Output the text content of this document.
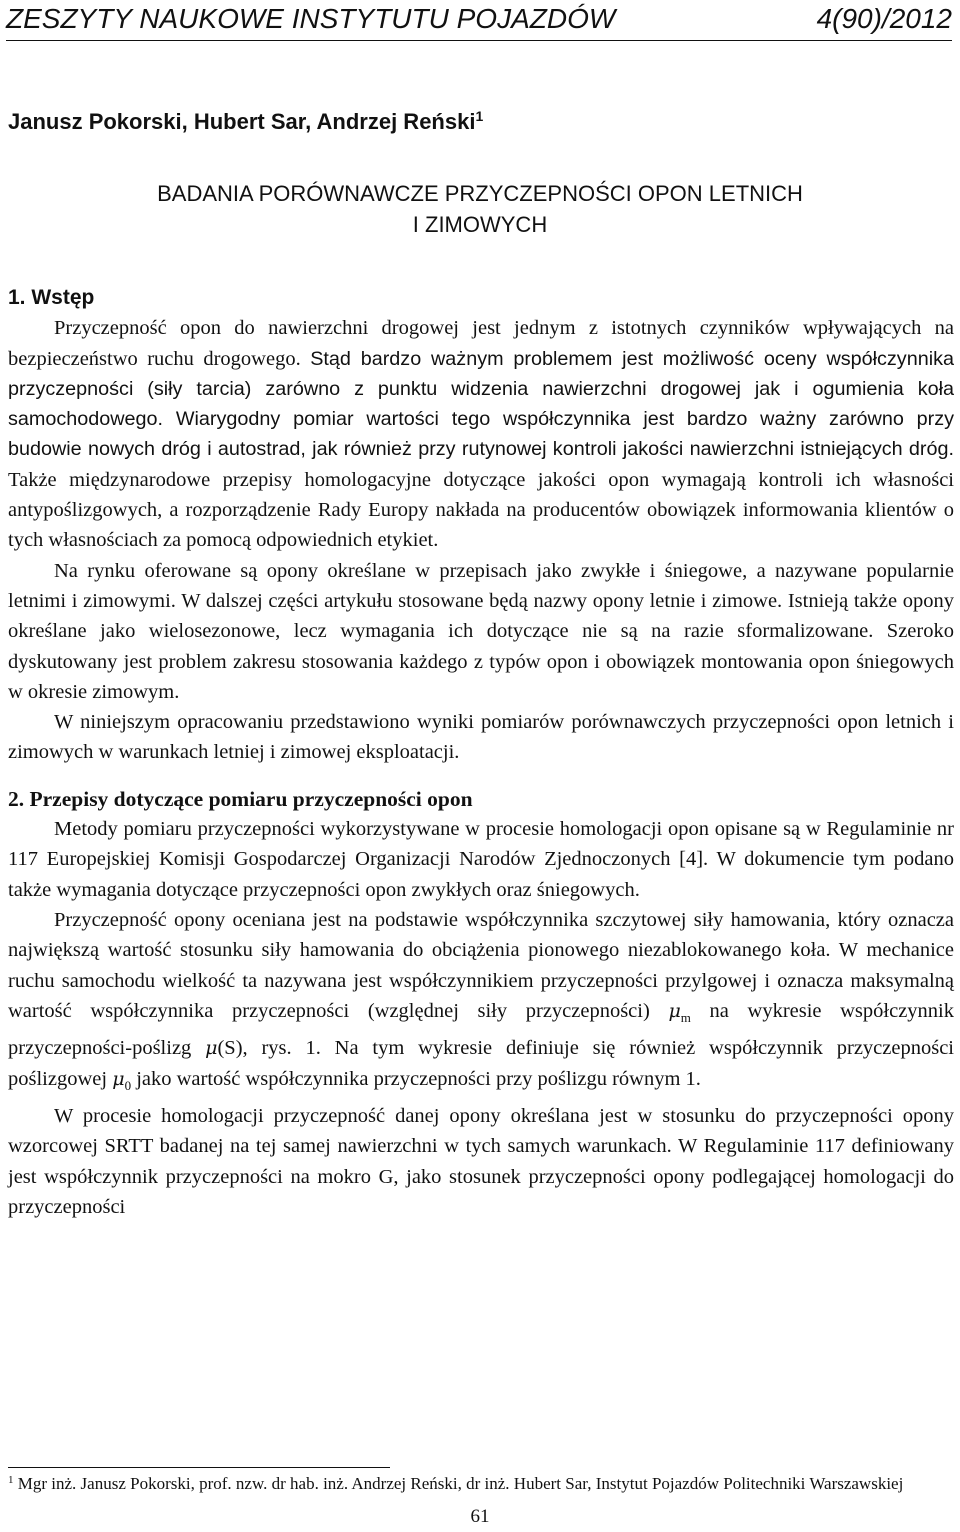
ZESZYTY NAUKOWE INSTYTUTU POJAZDÓW	4(90)/2012
Janusz Pokorski, Hubert Sar, Andrzej Reński$^1$
BADANIA PORÓWNAWCZE PRZYCZEPNOŚCI OPON LETNICH
I ZIMOWYCH
1. Wstęp

Przyczepność opon do nawierzchni drogowej jest jednym z istotnych czynników wpływających na bezpieczeństwo ruchu drogowego. Stąd bardzo ważnym problemem jest możliwość oceny współczynnika przyczepności (siły tarcia) zarówno z punktu widzenia nawierzchni drogowej jak i ogumienia koła samochodowego. Wiarygodny pomiar wartości tego współczynnika jest bardzo ważny zarówno przy budowie nowych dróg i autostrad, jak również przy rutynowej kontroli jakości nawierzchni istniejących dróg. Także międzynarodowe przepisy homologacyjne dotyczące jakości opon wymagają kontroli ich własności antypoślizgowych, a rozporządzenie Rady Europy nakłada na producentów obowiązek informowania klientów o tych własnościach za pomocą odpowiednich etykiet.

Na rynku oferowane są opony określane w przepisach jako zwykłe i śniegowe, a nazywane popularnie letnimi i zimowymi. W dalszej części artykułu stosowane będą nazwy opony letnie i zimowe. Istnieją także opony określane jako wielosezonowe, lecz wymagania ich dotyczące nie są na razie sformalizowane. Szeroko dyskutowany jest problem zakresu stosowania każdego z typów opon i obowiązek montowania opon śniegowych w okresie zimowym.

W niniejszym opracowaniu przedstawiono wyniki pomiarów porównawczych przyczepności opon letnich i zimowych w warunkach letniej i zimowej eksploatacji.

2. Przepisy dotyczące pomiaru przyczepności opon

Metody pomiaru przyczepności wykorzystywane w procesie homologacji opon opisane są w Regulaminie nr 117 Europejskiej Komisji Gospodarczej Organizacji Narodów Zjednoczonych [4]. W dokumencie tym podano także wymagania dotyczące przyczepności opon zwykłych oraz śniegowych.

Przyczepność opony oceniana jest na podstawie współczynnika szczytowej siły hamowania, który oznacza największą wartość stosunku siły hamowania do obciążenia pionowego niezablokowanego koła. W mechanice ruchu samochodu wielkość ta nazywana jest współczynnikiem przyczepności przylgowej i oznacza maksymalną wartość współczynnika przyczepności (względnej siły przyczepności) $\mu_m$ na wykresie współczynnik przyczepności-poślizg μ(S), rys. 1. Na tym wykresie definiuje się również współczynnik przyczepności poślizgowej $\mu_0$ jako wartość współczynnika przyczepności przy poślizgu równym 1.

W procesie homologacji przyczepność danej opony określana jest w stosunku do przyczepności opony wzorcowej SRTT badanej na tej samej nawierzchni w tych samych warunkach. W Regulaminie 117 definiowany jest współczynnik przyczepności na mokro G, jako stosunek przyczepności opony podlegającej homologacji do przyczepności

$^1$ Mgr inż. Janusz Pokorski, prof. nzw. dr hab. inż. Andrzej Reński, dr inż. Hubert Sar, Instytut Pojazdów Politechniki Warszawskiej
61
